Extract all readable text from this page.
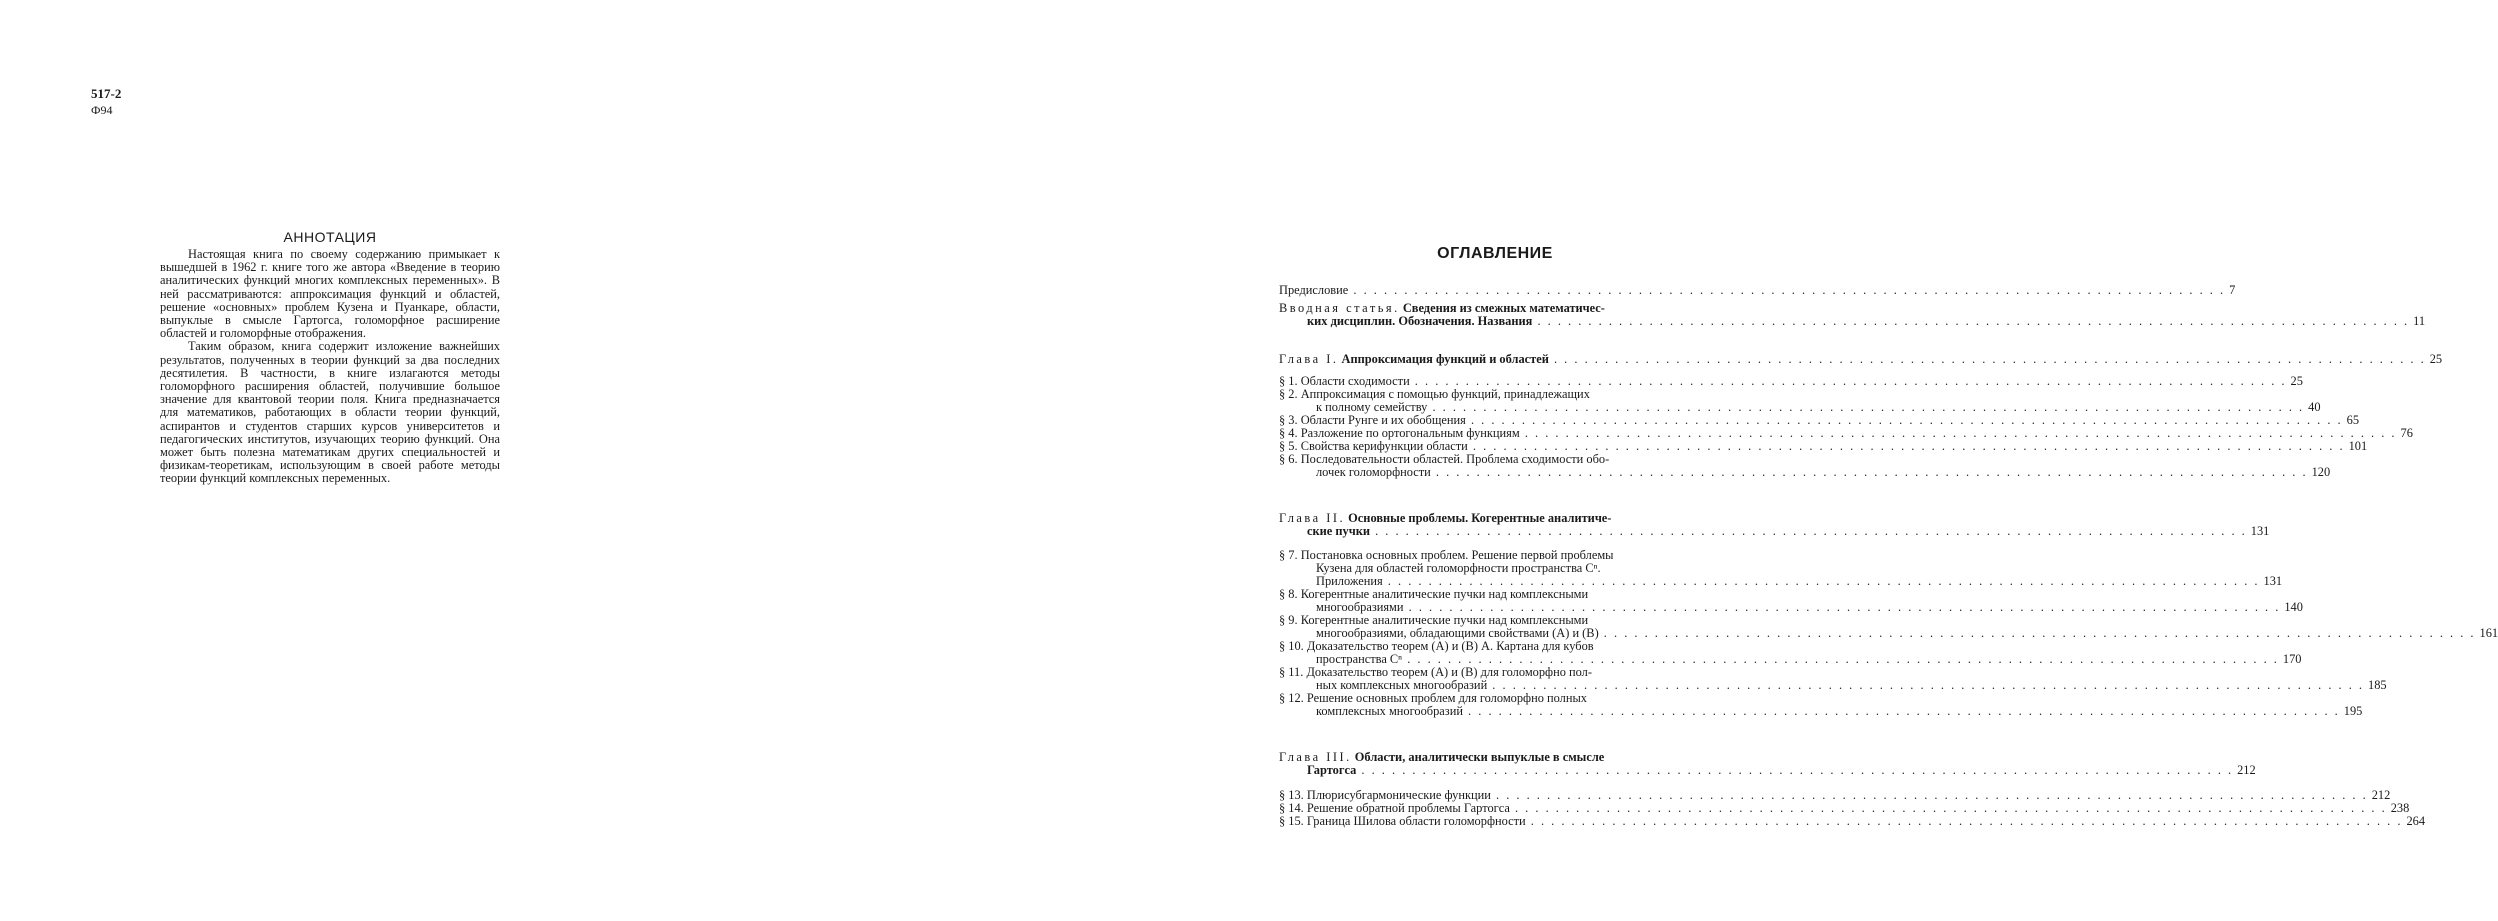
517-2
Ф94
АННОТАЦИЯ

Настоящая книга по своему содержанию примыкает к вышедшей в 1962 г. книге того же автора «Введение в теорию аналитических функций многих комплексных переменных». В ней рассматриваются: аппроксимация функций и областей, решение «основных» проблем Кузена и Пуанкаре, области, выпуклые в смысле Гартогса, голоморфное расширение областей и голоморфные отображения.

Таким образом, книга содержит изложение важнейших результатов, полученных в теории функций за два последних десятилетия. В частности, в книге излагаются методы голоморфного расширения областей, получившие большое значение для квантовой теории поля. Книга предназначается для математиков, работающих в области теории функций, аспирантов и студентов старших курсов университетов и педагогических институтов, изучающих теорию функций. Она может быть полезна математикам других специальностей и физикам-теоретикам, использующим в своей работе методы теории функций комплексных переменных.

ОГЛАВЛЕНИЕ
Предисловие . . .	7
Вводная статья. Сведения из смежных математичес-
ких дисциплин. Обозначения. Названия . . .	11
Глава I. Аппроксимация функций и областей . . .	25
§ 1. Области сходимости . . .	25
§ 2. Аппроксимация с помощью функций, принадлежащих
к полному семейству . . .	40
§ 3. Области Рунге и их обобщения . . .	65
§ 4. Разложение по ортогональным функциям . . .	76
§ 5. Свойства керифункции области . . .	101
§ 6. Последовательности областей. Проблема сходимости обо-
лочек голоморфности . . .	120
Глава II. Основные проблемы. Когерентные аналитиче-
ские пучки . . .	131
§ 7. Постановка основных проблем. Решение первой проблемы
Кузена для областей голоморфности пространства Cⁿ.
Приложения . . .	131
§ 8. Когерентные аналитические пучки над комплексными
многообразиями . . .	140
§ 9. Когерентные аналитические пучки над комплексными
многообразиями, обладающими свойствами (A) и (B) . . .	161
§ 10. Доказательство теорем (A) и (B) А. Картана для кубов
пространства Cⁿ . . .	170
§ 11. Доказательство теорем (A) и (B) для голоморфно пол-
ных комплексных многообразий . . .	185
§ 12. Решение основных проблем для голоморфно полных
комплексных многообразий . . .	195
Глава III. Области, аналитически выпуклые в смысле
Гартогса . . .	212
§ 13. Плюрисубгармонические функции . . .	212
§ 14. Решение обратной проблемы Гартогса . . .	238
§ 15. Граница Шилова области голоморфности . . .	264
